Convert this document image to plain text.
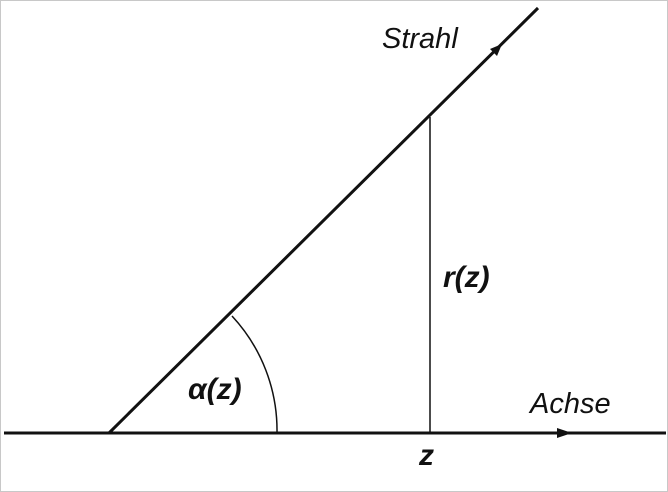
Strahl
Achse
r(z)
α(z)
z
